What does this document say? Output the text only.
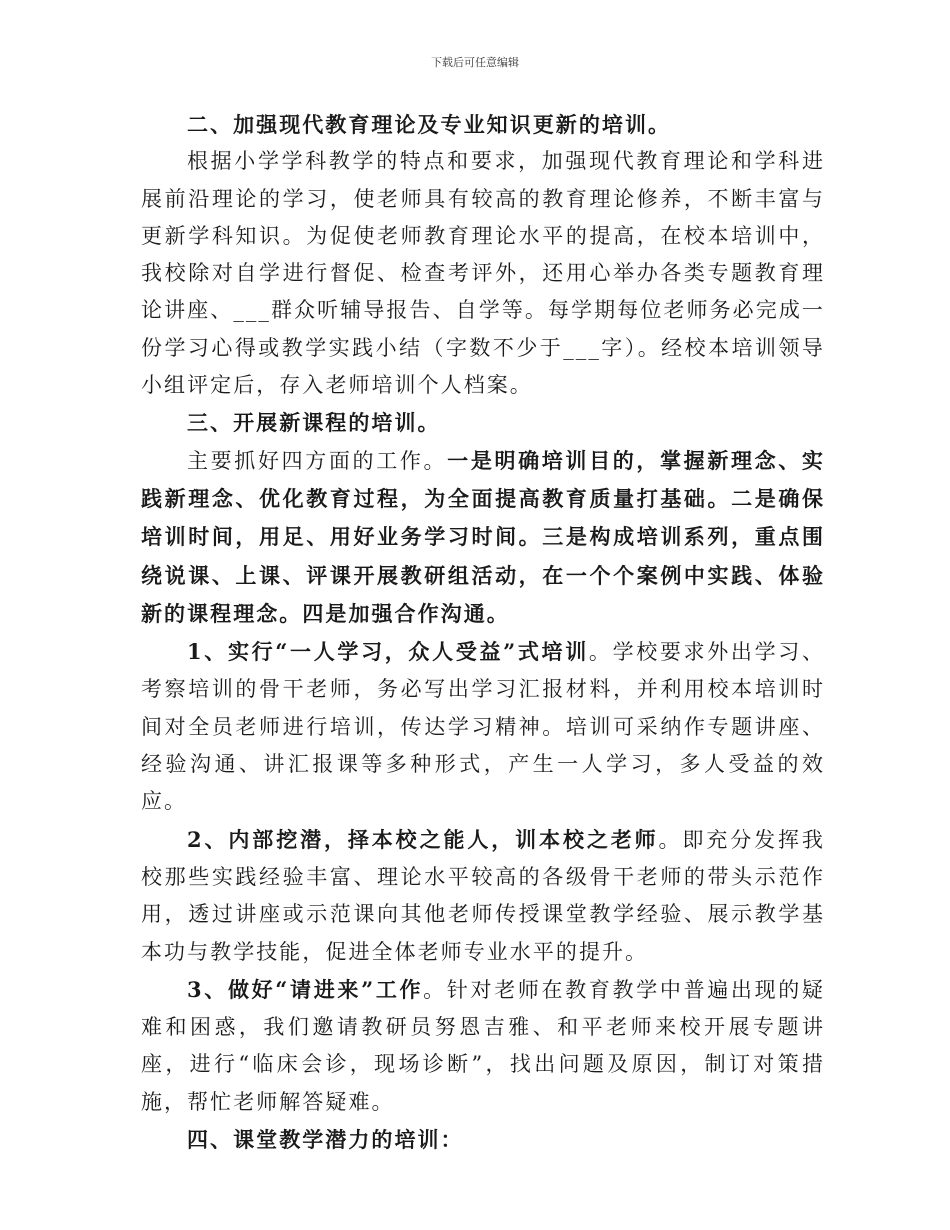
下载后可任意编辑

二、加强现代教育理论及专业知识更新的培训。

根据小学学科教学的特点和要求，加强现代教育理论和学科进展前沿理论的学习，使老师具有较高的教育理论修养，不断丰富与更新学科知识。为促使老师教育理论水平的提高，在校本培训中，我校除对自学进行督促、检查考评外，还用心举办各类专题教育理论讲座、___群众听辅导报告、自学等。每学期每位老师务必完成一份学习心得或教学实践小结（字数不少于___字）。经校本培训领导小组评定后，存入老师培训个人档案。

三、开展新课程的培训。

主要抓好四方面的工作。一是明确培训目的，掌握新理念、实践新理念、优化教育过程，为全面提高教育质量打基础。二是确保培训时间，用足、用好业务学习时间。三是构成培训系列，重点围绕说课、上课、评课开展教研组活动，在一个个案例中实践、体验新的课程理念。四是加强合作沟通。

1、实行“一人学习，众人受益”式培训。学校要求外出学习、考察培训的骨干老师，务必写出学习汇报材料，并利用校本培训时间对全员老师进行培训，传达学习精神。培训可采纳作专题讲座、经验沟通、讲汇报课等多种形式，产生一人学习，多人受益的效应。

2、内部挖潜，择本校之能人，训本校之老师。即充分发挥我校那些实践经验丰富、理论水平较高的各级骨干老师的带头示范作用，透过讲座或示范课向其他老师传授课堂教学经验、展示教学基本功与教学技能，促进全体老师专业水平的提升。

3、做好“请进来”工作。针对老师在教育教学中普遍出现的疑难和困惑，我们邀请教研员努恩吉雅、和平老师来校开展专题讲座，进行“临床会诊，现场诊断”，找出问题及原因，制订对策措施，帮忙老师解答疑难。

四、课堂教学潜力的培训：
